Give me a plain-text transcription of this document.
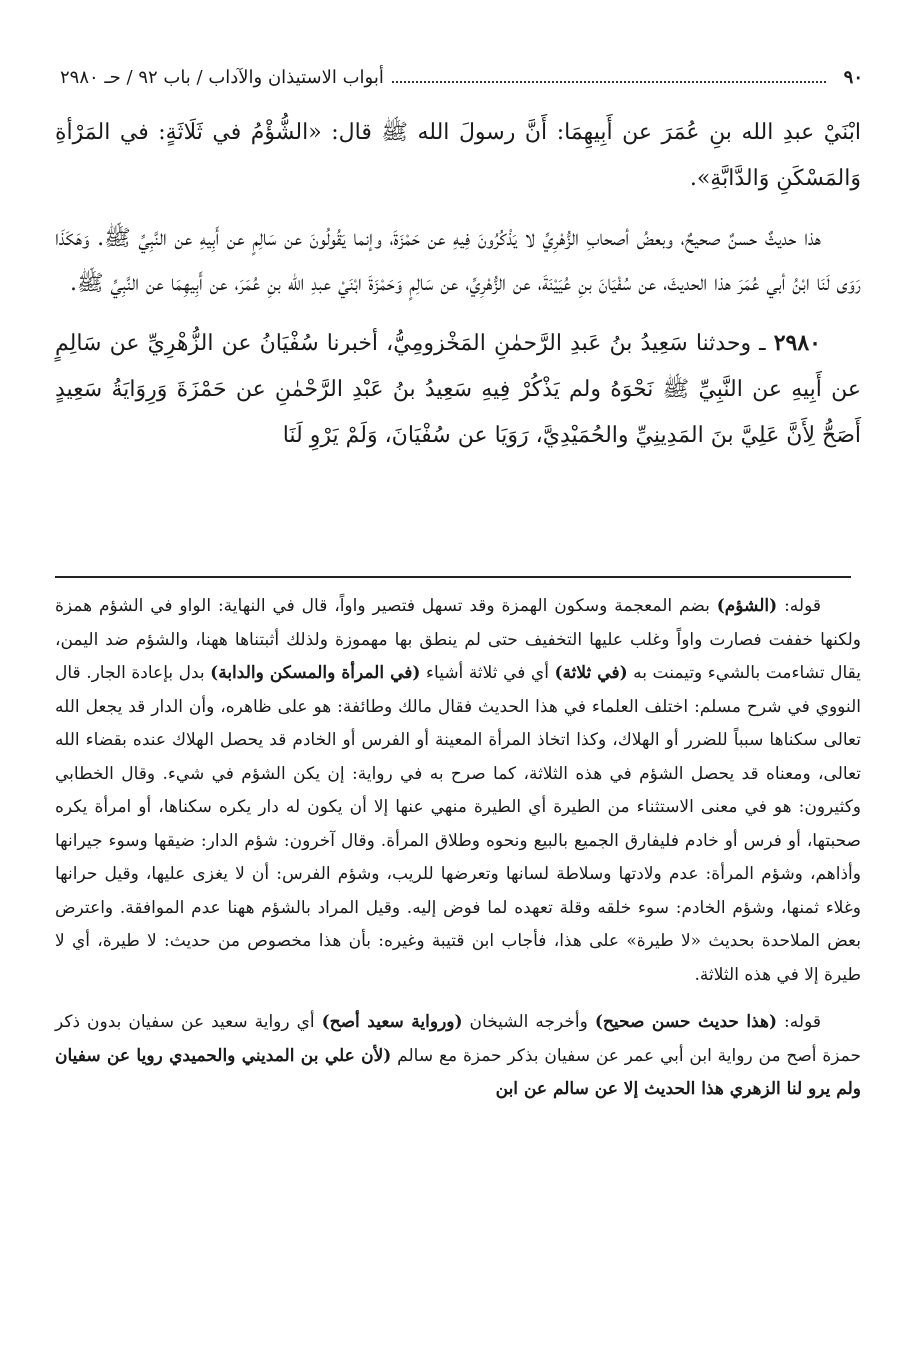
٩٠
أبواب الاستيذان والآداب / باب ٩٢ / حـ ٢٩٨٠

ابْنَيْ عبدِ الله بنِ عُمَرَ عن أَبِيهِمَا: أَنَّ رسولَ الله ﷺ قال: «الشُّؤْمُ في ثَلَاثَةٍ: في المَرْأةِ وَالمَسْكَنِ وَالدَّابَّةِ».

هذا حديثٌ حسنٌ صحيحٌ، وبعضُ أصحابِ الزُّهْرِيِّ لا يَذْكُرُونَ فِيهِ عن حَمْزَةَ، وإنما يَقُولُونَ عن سَالِمٍ عن أَبِيهِ عن النَّبِيِّ ﷺ. وَهَكَذَا رَوَى لَنَا ابْنُ أبي عُمَرَ هذا الحديثَ، عن سُفْيَانَ بنِ عُيَيْنَةَ، عن الزُّهْرِيِّ، عن سَالِمٍ وَحَمْزَةَ ابْنَيْ عبدِ الله بنِ عُمَرَ، عن أَبِيهِمَا عن النَّبِيِّ ﷺ.

٢٩٨٠ ـ وحدثنا سَعِيدُ بنُ عَبدِ الرَّحمٰنِ المَخْزومِيُّ، أخبرنا سُفْيَانُ عن الزُّهْرِيِّ عن سَالِمٍ عن أَبِيهِ عن النَّبِيِّ ﷺ نَحْوَهُ ولم يَذْكُرْ فِيهِ سَعِيدُ بنُ عَبْدِ الرَّحْمٰنِ عن حَمْزَةَ وَرِوَايَةُ سَعِيدٍ أَصَحُّ لِأَنَّ عَلِيَّ بنَ المَدِينِيِّ والحُمَيْدِيَّ، رَوَيَا عن سُفْيَانَ، وَلَمْ يَرْوِ لَنَا

قوله: (الشؤم) بضم المعجمة وسكون الهمزة وقد تسهل فتصير واواً، قال في النهاية: الواو في الشؤم همزة ولكنها خففت فصارت واواً وغلب عليها التخفيف حتى لم ينطق بها مهموزة ولذلك أثبتناها ههنا، والشؤم ضد اليمن، يقال تشاءمت بالشيء وتيمنت به (في ثلاثة) أي في ثلاثة أشياء (في المرأة والمسكن والدابة) بدل بإعادة الجار. قال النووي في شرح مسلم: اختلف العلماء في هذا الحديث فقال مالك وطائفة: هو على ظاهره، وأن الدار قد يجعل الله تعالى سكناها سبباً للضرر أو الهلاك، وكذا اتخاذ المرأة المعينة أو الفرس أو الخادم قد يحصل الهلاك عنده بقضاء الله تعالى، ومعناه قد يحصل الشؤم في هذه الثلاثة، كما صرح به في رواية: إن يكن الشؤم في شيء. وقال الخطابي وكثيرون: هو في معنى الاستثناء من الطيرة أي الطيرة منهي عنها إلا أن يكون له دار يكره سكناها، أو امرأة يكره صحبتها، أو فرس أو خادم فليفارق الجميع بالبيع ونحوه وطلاق المرأة. وقال آخرون: شؤم الدار: ضيقها وسوء جيرانها وأذاهم، وشؤم المرأة: عدم ولادتها وسلاطة لسانها وتعرضها للريب، وشؤم الفرس: أن لا يغزى عليها، وقيل حرانها وغلاء ثمنها، وشؤم الخادم: سوء خلقه وقلة تعهده لما فوض إليه. وقيل المراد بالشؤم ههنا عدم الموافقة. واعترض بعض الملاحدة بحديث «لا طيرة» على هذا، فأجاب ابن قتيبة وغيره: بأن هذا مخصوص من حديث: لا طيرة، أي لا طيرة إلا في هذه الثلاثة.

قوله: (هذا حديث حسن صحيح) وأخرجه الشيخان (ورواية سعيد أصح) أي رواية سعيد عن سفيان بدون ذكر حمزة أصح من رواية ابن أبي عمر عن سفيان بذكر حمزة مع سالم (لأن علي بن المديني والحميدي رويا عن سفيان ولم يرو لنا الزهري هذا الحديث إلا عن سالم عن ابن
